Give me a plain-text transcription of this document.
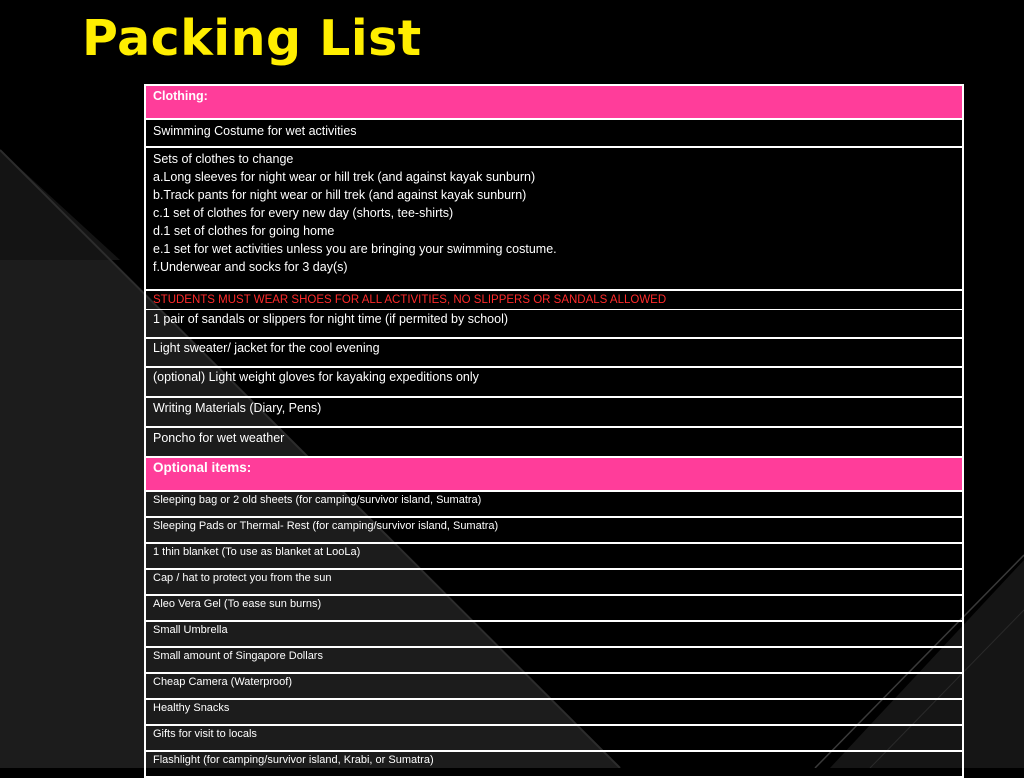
Packing List
Clothing:
Swimming Costume for wet activities
Sets of clothes to change
a.Long sleeves for night wear or hill trek (and against kayak sunburn)
b.Track pants for night wear or hill trek (and against kayak sunburn)
c.1 set of clothes for every new day (shorts, tee-shirts)
d.1 set of clothes for going home
e.1 set for wet activities unless you are bringing your swimming costume.
f.Underwear and socks for 3 day(s)
STUDENTS MUST WEAR SHOES FOR ALL ACTIVITIES, NO SLIPPERS OR SANDALS ALLOWED
1 pair of sandals or slippers for night time (if permited by school)
Light sweater/ jacket for the cool evening
(optional) Light weight gloves for kayaking expeditions only
Writing Materials (Diary, Pens)
Poncho for wet weather
Optional items:
Sleeping bag or 2 old sheets (for camping/survivor island, Sumatra)
Sleeping Pads or Thermal- Rest (for camping/survivor island, Sumatra)
1 thin blanket (To use as blanket at LooLa)
Cap / hat to protect you from the sun
Aleo Vera Gel (To ease sun burns)
Small Umbrella
Small amount of Singapore Dollars
Cheap Camera (Waterproof)
Healthy Snacks
Gifts for visit to locals
Flashlight (for camping/survivor island, Krabi, or Sumatra)
